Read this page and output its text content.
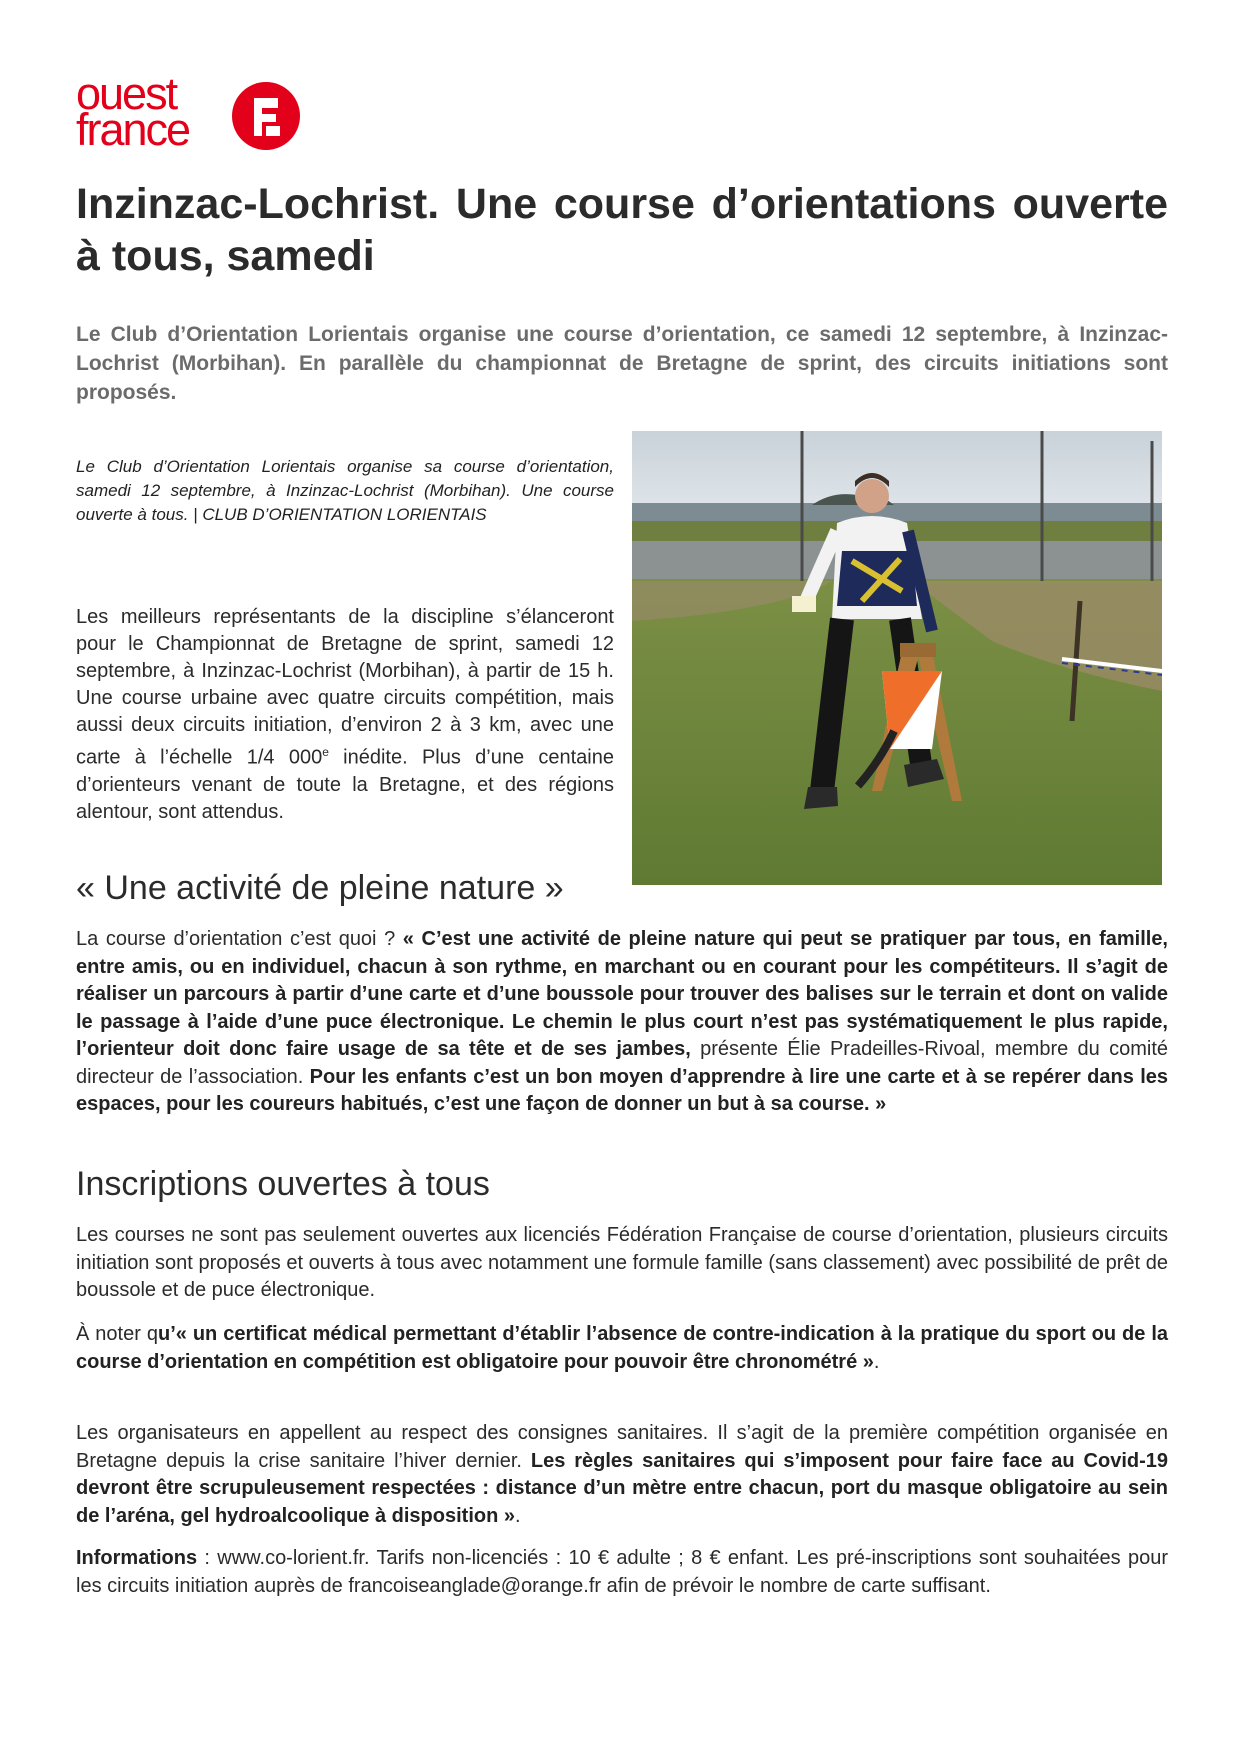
ouest
france
Inzinzac-Lochrist. Une course d’orientations ouverte à tous, samedi

Le Club d’Orientation Lorientais organise une course d’orientation, ce samedi 12 septembre, à Inzinzac-Lochrist (Morbihan). En parallèle du championnat de Bretagne de sprint, des circuits initiations sont proposés.

Le Club d’Orientation Lorientais organise sa course d’orientation, samedi 12 septembre, à Inzinzac-Lochrist (Morbihan). Une course ouverte à tous. | CLUB D’ORIENTATION LORIENTAIS

Les meilleurs représentants de la discipline s’élanceront pour le Championnat de Bretagne de sprint, samedi 12 septembre, à Inzinzac-Lochrist (Morbihan), à partir de 15 h. Une course urbaine avec quatre circuits compétition, mais aussi deux circuits initiation, d’environ 2 à 3 km, avec une carte à l’échelle 1/4 000e inédite. Plus d’une centaine d’orienteurs venant de toute la Bretagne, et des régions alentour, sont attendus.

« Une activité de pleine nature »

La course d’orientation c’est quoi ? « C’est une activité de pleine nature qui peut se pratiquer par tous, en famille, entre amis, ou en individuel, chacun à son rythme, en marchant ou en courant pour les compétiteurs. Il s’agit de réaliser un parcours à partir d’une carte et d’une boussole pour trouver des balises sur le terrain et dont on valide le passage à l’aide d’une puce électronique. Le chemin le plus court n’est pas systématiquement le plus rapide, l’orienteur doit donc faire usage de sa tête et de ses jambes, présente Élie Pradeilles-Rivoal, membre du comité directeur de l’association. Pour les enfants c’est un bon moyen d’apprendre à lire une carte et à se repérer dans les espaces, pour les coureurs habitués, c’est une façon de donner un but à sa course. »

Inscriptions ouvertes à tous

Les courses ne sont pas seulement ouvertes aux licenciés Fédération Française de course d’orientation, plusieurs circuits initiation sont proposés et ouverts à tous avec notamment une formule famille (sans classement) avec possibilité de prêt de boussole et de puce électronique.

À noter qu’« un certificat médical permettant d’établir l’absence de contre-indication à la pratique du sport ou de la course d’orientation en compétition est obligatoire pour pouvoir être chronométré ».

Les organisateurs en appellent au respect des consignes sanitaires. Il s’agit de la première compétition organisée en Bretagne depuis la crise sanitaire l’hiver dernier. Les règles sanitaires qui s’imposent pour faire face au Covid-19 devront être scrupuleusement respectées : distance d’un mètre entre chacun, port du masque obligatoire au sein de l’aréna, gel hydroalcoolique à disposition ».

Informations : www.co-lorient.fr. Tarifs non-licenciés : 10 € adulte ; 8 € enfant. Les pré-inscriptions sont souhaitées pour les circuits initiation auprès de francoiseanglade@orange.fr afin de prévoir le nombre de carte suffisant.
